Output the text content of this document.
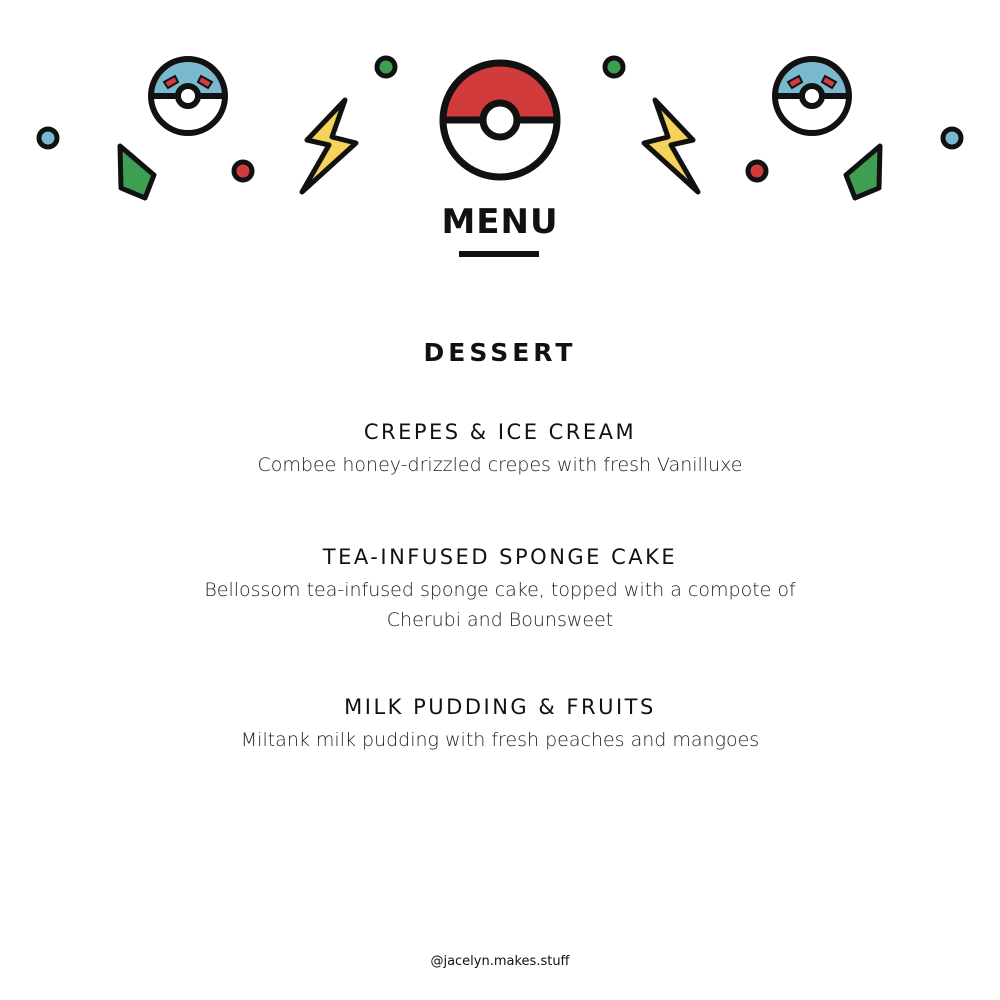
MENU
DESSERT
CREPES & ICE CREAM
Combee honey-drizzled crepes with fresh Vanilluxe
TEA-INFUSED SPONGE CAKE
Bellossom tea-infused sponge cake, topped with a compote of Cherubi and Bounsweet
MILK PUDDING & FRUITS
Miltank milk pudding with fresh peaches and mangoes
@jacelyn.makes.stuff
